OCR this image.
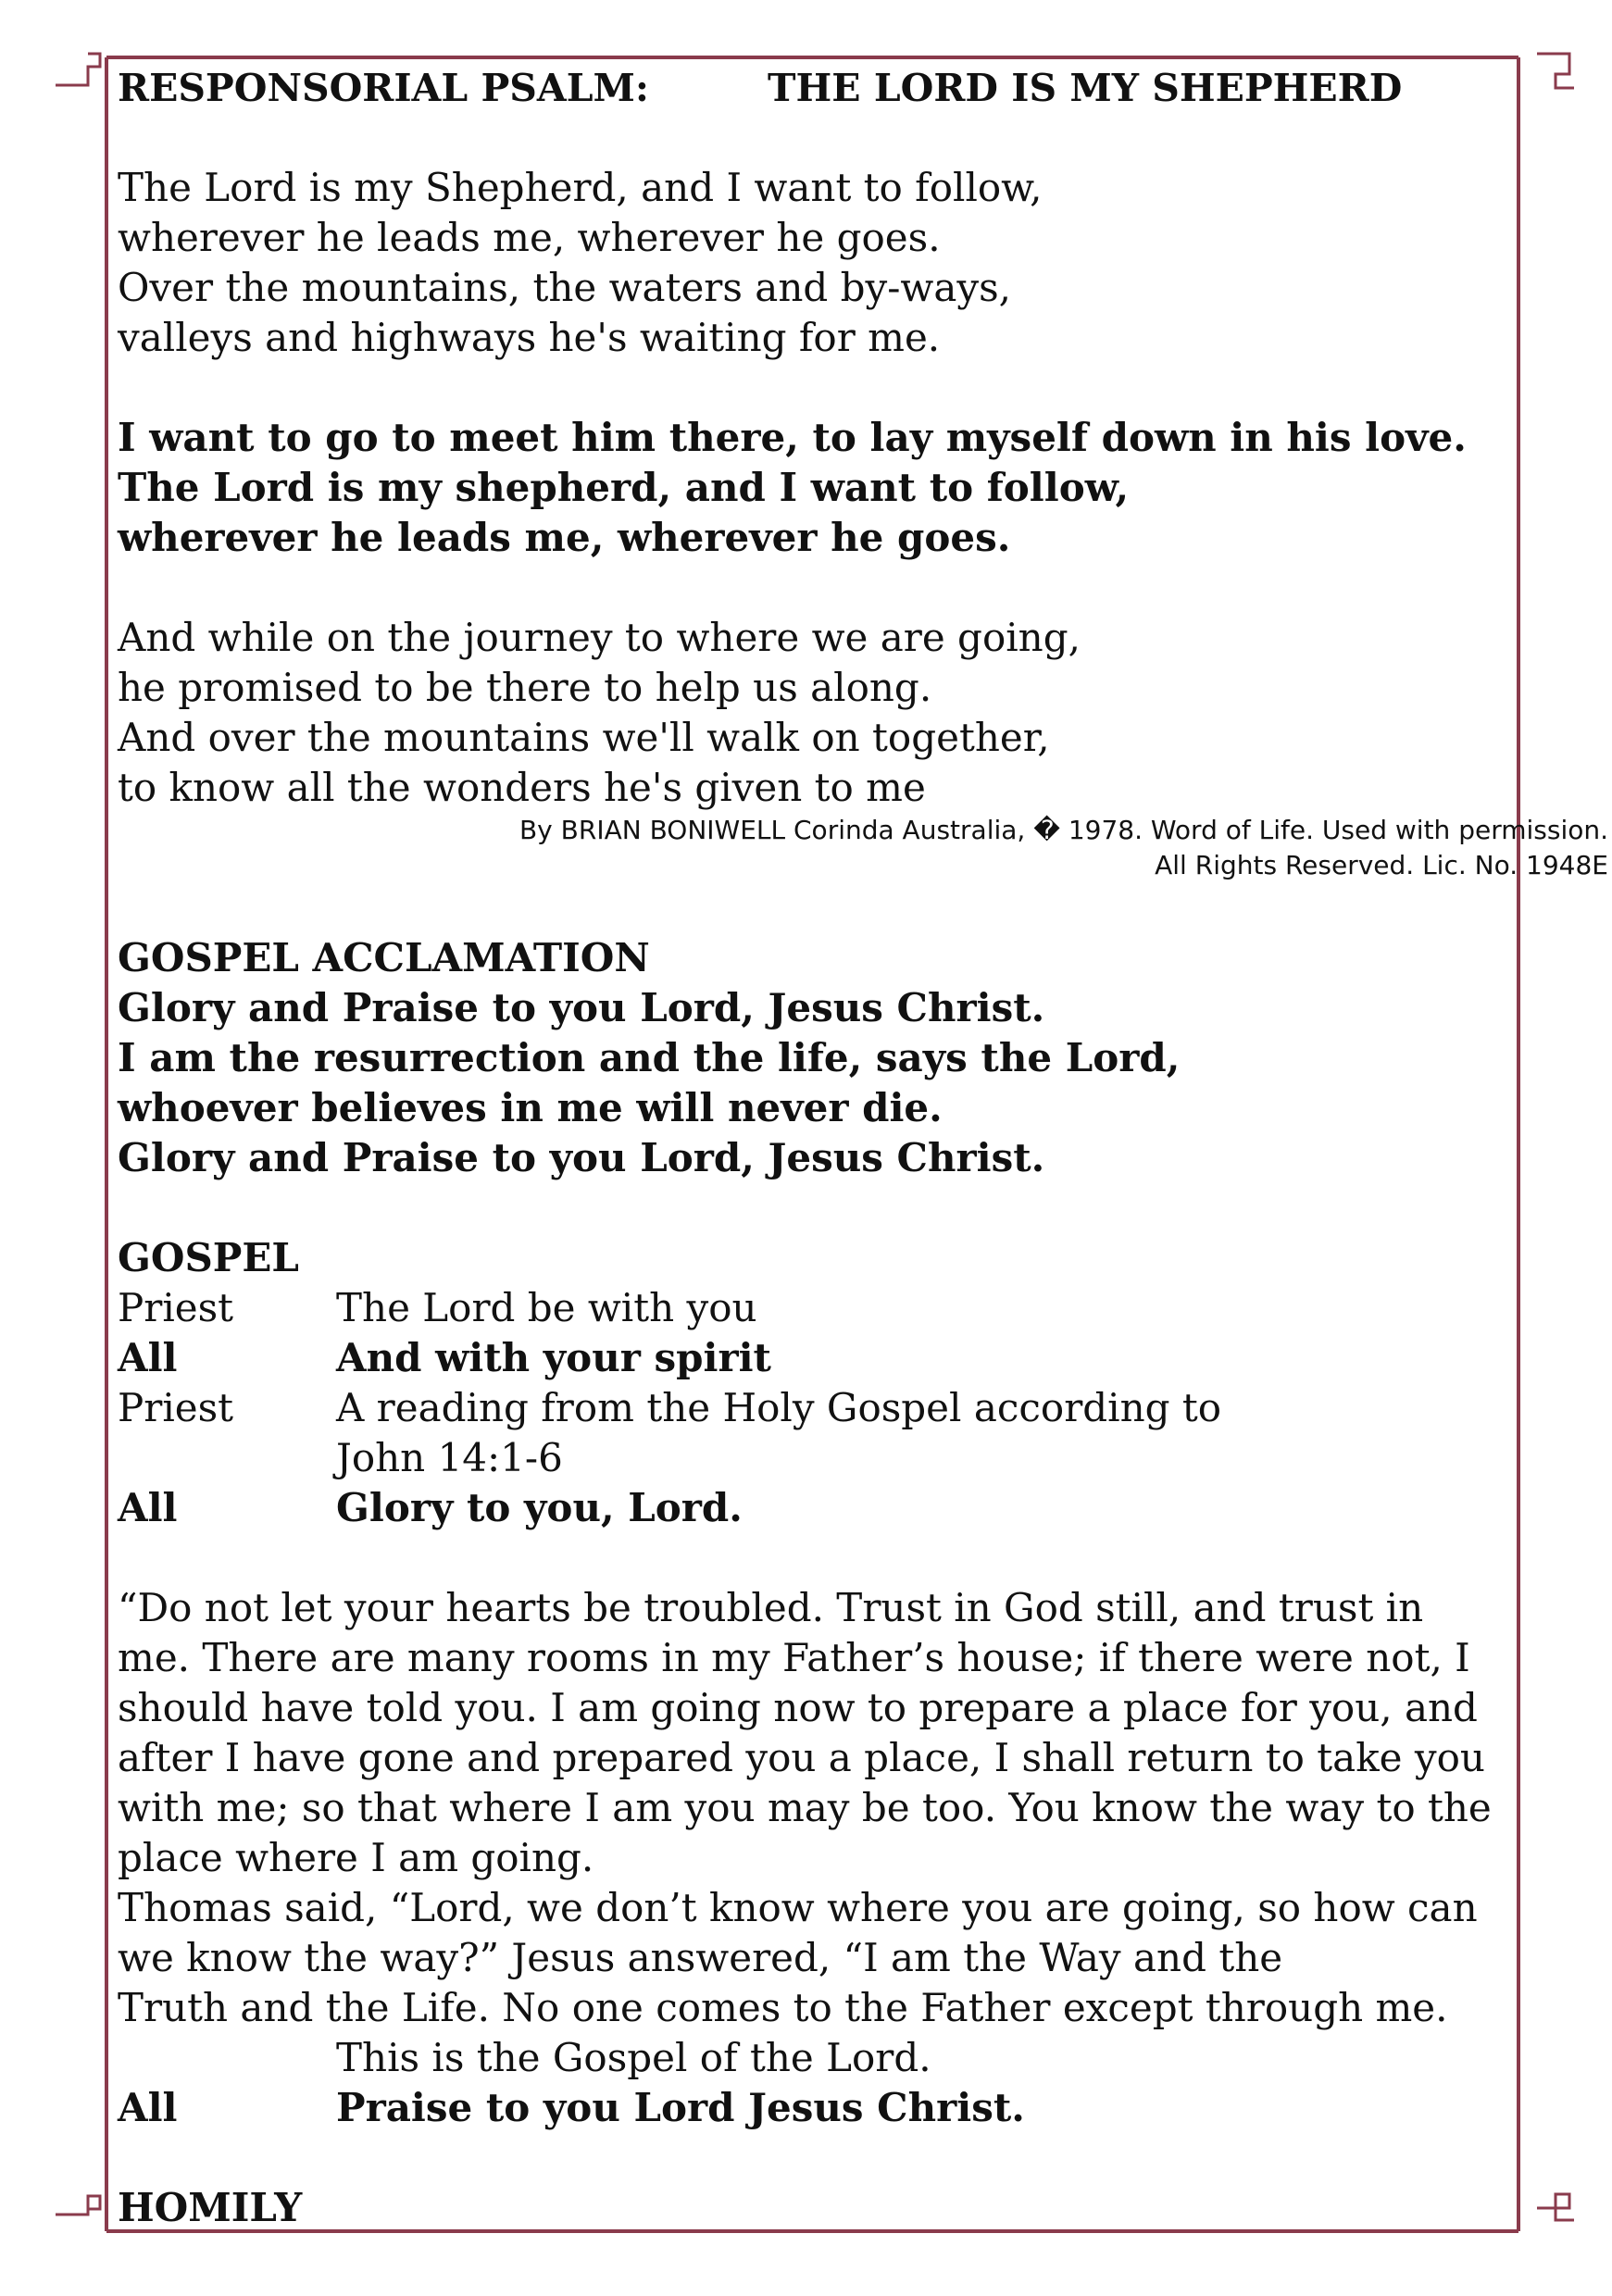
RESPONSORIAL PSALM:	THE LORD IS MY SHEPHERD
The Lord is my Shepherd, and I want to follow,
wherever he leads me, wherever he goes.
Over the mountains, the waters and by-ways,
valleys and highways he's waiting for me.
I want to go to meet him there, to lay myself down in his love.
The Lord is my shepherd, and I want to follow,
wherever he leads me, wherever he goes.
And while on the journey to where we are going,
he promised to be there to help us along.
And over the mountains we'll walk on together,
to know all the wonders he's given to me
By BRIAN BONIWELL Corinda Australia, � 1978. Word of Life. Used with permission.
All Rights Reserved. Lic. No. 1948E
GOSPEL ACCLAMATION
Glory and Praise to you Lord, Jesus Christ.
I am the resurrection and the life, says the Lord,
whoever believes in me will never die.
Glory and Praise to you Lord, Jesus Christ.
GOSPEL
Priest	The Lord be with you
All	And with your spirit
Priest	A reading from the Holy Gospel according to
John 14:1-6
All	Glory to you, Lord.
“Do not let your hearts be troubled. Trust in God still, and trust in
me. There are many rooms in my Father’s house; if there were not, I
should have told you. I am going now to prepare a place for you, and
after I have gone and prepared you a place, I shall return to take you
with me; so that where I am you may be too. You know the way to the
place where I am going.
Thomas said, “Lord, we don’t know where you are going, so how can
we know the way?” Jesus answered, “I am the Way and the
Truth and the Life. No one comes to the Father except through me.
This is the Gospel of the Lord.
All	Praise to you Lord Jesus Christ.
HOMILY
